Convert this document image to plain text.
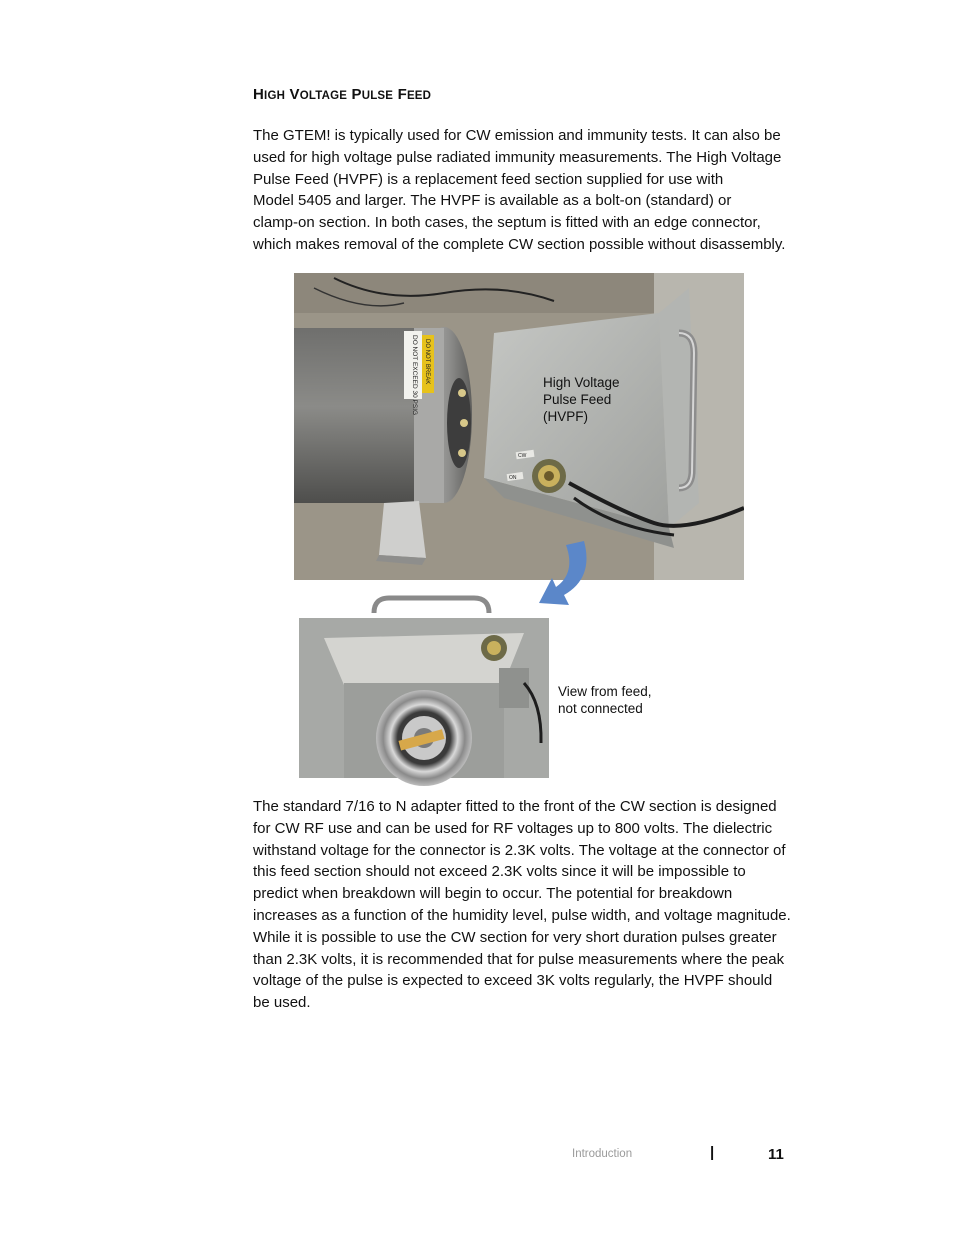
HIGH VOLTAGE PULSE FEED
The GTEM! is typically used for CW emission and immunity tests. It can also be
used for high voltage pulse radiated immunity measurements. The High Voltage
Pulse Feed (HVPF) is a replacement feed section supplied for use with
Model 5405 and larger. The HVPF is available as a bolt-on (standard) or
clamp-on section. In both cases, the septum is fitted with an edge connector,
which makes removal of the complete CW section possible without disassembly.
DO NOT EXCEED 30 PSIG DO NOT BREAK
CW
ON
High Voltage
Pulse Feed
(HVPF)
View from feed,
not connected
The standard 7/16 to N adapter fitted to the front of the CW section is designed
for CW RF use and can be used for RF voltages up to 800 volts. The dielectric
withstand voltage for the connector is 2.3K volts. The voltage at the connector of
this feed section should not exceed 2.3K volts since it will be impossible to
predict when breakdown will begin to occur. The potential for breakdown
increases as a function of the humidity level, pulse width, and voltage magnitude.
While it is possible to use the CW section for very short duration pulses greater
than 2.3K volts, it is recommended that for pulse measurements where the peak
voltage of the pulse is expected to exceed 3K volts regularly, the HVPF should
be used.
Introduction	|	11
